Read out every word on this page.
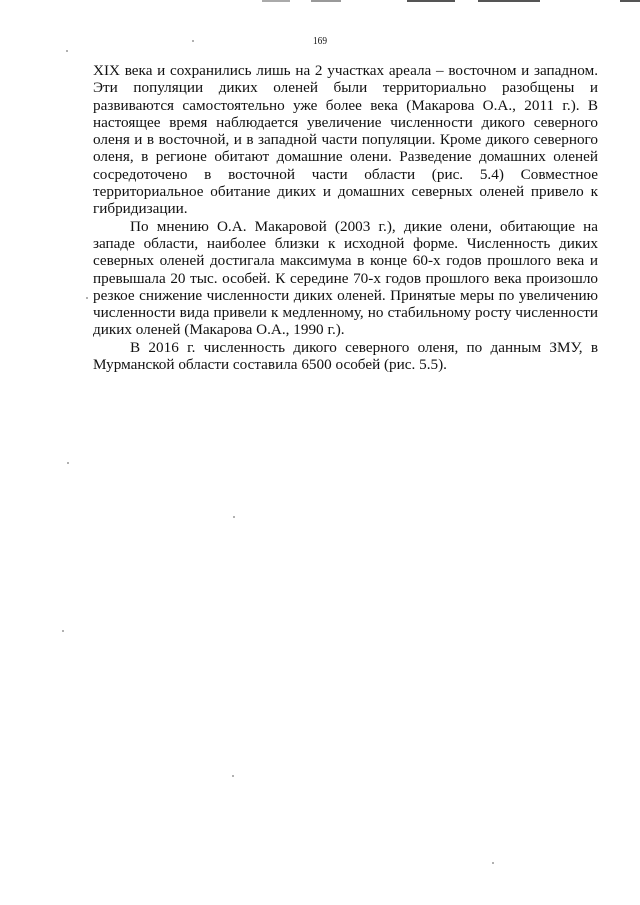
169

XIX века и сохранились лишь на 2 участках ареала – восточном и западном. Эти популяции диких оленей были территориально разобщены и развиваются самостоятельно уже более века (Макарова О.А., 2011 г.). В настоящее время наблюдается увеличение численности дикого северного оленя и в восточной, и в западной части популяции. Кроме дикого северного оленя, в регионе обитают домашние олени. Разведение домашних оленей сосредоточено в восточной части области (рис. 5.4) Совместное территориальное обитание диких и домашних северных оленей привело к гибридизации.

По мнению О.А. Макаровой (2003 г.), дикие олени, обитающие на западе области, наиболее близки к исходной форме. Численность диких северных оленей достигала максимума в конце 60-х годов прошлого века и превышала 20 тыс. особей. К середине 70-х годов прошлого века произошло резкое снижение численности диких оленей. Принятые меры по увеличению численности вида привели к медленному, но стабильному росту численности диких оленей (Макарова О.А., 1990 г.).

В 2016 г. численность дикого северного оленя, по данным ЗМУ, в Мурманской области составила 6500 особей (рис. 5.5).
